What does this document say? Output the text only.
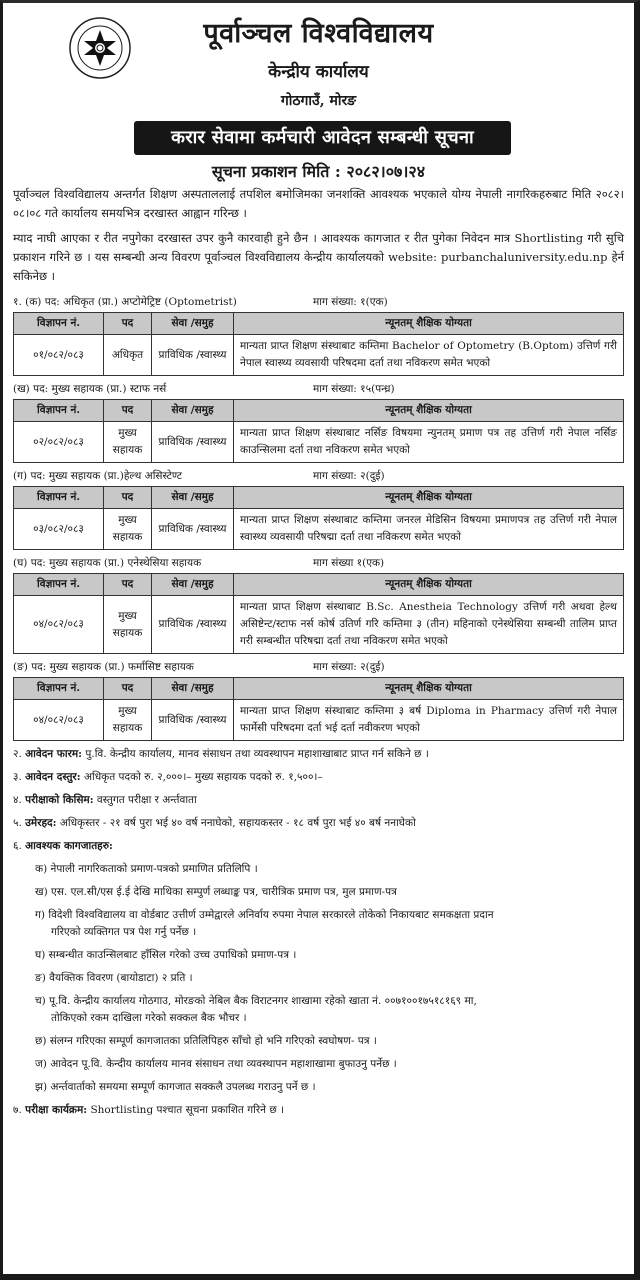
पूर्वाञ्चल विश्वविद्यालय
केन्द्रीय कार्यालय
गोठगाउँ, मोरङ
करार सेवामा कर्मचारी आवेदन सम्बन्धी सूचना
सूचना प्रकाशन मिति : २०८२।०७।२४

पूर्वाञ्चल विश्वविद्यालय अन्तर्गत शिक्षण अस्पताललाई तपशिल बमोजिमका जनशक्ति आवश्यक भएकाले योग्य नेपाली नागरिकहरुबाट मिति २०८२।०८।०८ गते कार्यालय समयभित्र दरखास्त आह्वान गरिन्छ ।

म्याद नाघी आएका र रीत नपुगेका दरखास्त उपर कुनै कारवाही हुने छैन । आवश्यक कागजात र रीत पुगेका निवेदन मात्र Shortlisting गरी सुचि प्रकाशन गरिने छ । यस सम्बन्धी अन्य विवरण पूर्वाञ्चल विश्वविद्यालय केन्द्रीय कार्यालयको website: purbanchaluniversity.edu.np हेर्न सकिनेछ ।

१. (क) पद: अधिकृत (प्रा.) अप्टोमेट्रिष्ट (Optometrist)	माग संख्या: १(एक)
विज्ञापन नं.	पद	सेवा /समुह	न्यूनतम् शैक्षिक योग्यता
०१/०८२/०८३	अधिकृत	प्राविधिक /स्वास्थ्य	मान्यता प्राप्त शिक्षण संस्थाबाट कम्तिमा Bachelor of Optometry (B.Optom) उत्तिर्ण गरी नेपाल स्वास्थ्य व्यवसायी परिषदमा दर्ता तथा नविकरण समेत भएको
(ख) पद: मुख्य सहायक (प्रा.) स्टाफ नर्स	माग संख्या: १५(पन्ध्र)
विज्ञापन नं.	पद	सेवा /समुह	न्यूनतम् शैक्षिक योग्यता
०२/०८२/०८३	मुख्य सहायक	प्राविधिक /स्वास्थ्य	मान्यता प्राप्त शिक्षण संस्थाबाट नर्सिङ विषयमा न्युनतम् प्रमाण पत्र तह उत्तिर्ण गरी नेपाल नर्सिङ काउन्सिलमा दर्ता तथा नविकरण समेत भएको
(ग) पद: मुख्य सहायक (प्रा.)हेल्थ असिस्टेण्ट	माग संख्या: २(दुई)
विज्ञापन नं.	पद	सेवा /समुह	न्यूनतम् शैक्षिक योग्यता
०३/०८२/०८३	मुख्य सहायक	प्राविधिक /स्वास्थ्य	मान्यता प्राप्त शिक्षण संस्थाबाट कम्तिमा जनरल मेडिसिन विषयमा प्रमाणपत्र तह उत्तिर्ण गरी नेपाल स्वास्थ्य व्यवसायी परिषद्मा दर्ता तथा नविकरण समेत भएको
(घ) पद: मुख्य सहायक (प्रा.) एनेस्थेसिया सहायक	माग संख्या १(एक)
विज्ञापन नं.	पद	सेवा /समुह	न्यूनतम् शैक्षिक योग्यता
०४/०८२/०८३	मुख्य सहायक	प्राविधिक /स्वास्थ्य	मान्यता प्राप्त शिक्षण संस्थाबाट B.Sc. Anestheia Technology उत्तिर्ण गरी अथवा हेल्थ असिष्टेन्ट/स्टाफ नर्स कोर्ष उतिर्ण गरि कम्तिमा ३ (तीन) महिनाको एनेस्थेसिया सम्बन्धी तालिम प्राप्त गरी सम्बन्धीत परिषद्मा दर्ता तथा नविकरण समेत भएको
(ङ) पद: मुख्य सहायक (प्रा.) फर्मासिष्ट सहायक	माग संख्या: २(दुई)
विज्ञापन नं.	पद	सेवा /समुह	न्यूनतम् शैक्षिक योग्यता
०४/०८२/०८३	मुख्य सहायक	प्राविधिक /स्वास्थ्य	मान्यता प्राप्त शिक्षण संस्थाबाट कम्तिमा ३ बर्ष Diploma in Pharmacy उत्तिर्ण गरी नेपाल फार्मेसी परिषदमा दर्ता भई दर्ता नवीकरण भएको
२. आवेदन फारम: पु.वि. केन्द्रीय कार्यालय, मानव संसाधन तथा व्यवस्थापन महाशाखाबाट प्राप्त गर्न सकिने छ ।
३. आवेदन दस्तुर: अधिकृत पदको रु. २,०००।– मुख्य सहायक पदको रु. १,५००।–
४. परीक्षाको किसिम: वस्तुगत परीक्षा र अर्न्तवाता
५. उमेरहद: अधिकृस्तर - २१ वर्ष पुरा भई ४० वर्ष ननाघेको, सहायकस्तर - १८ वर्ष पुरा भई ४० बर्ष ननाघेको
६. आवश्यक कागजातहरु:
क) नेपाली नागरिकताको प्रमाण-पत्रको प्रमाणित प्रतिलिपि ।
ख) एस. एल.सी/एस ई.ई देखि माथिका सम्पुर्ण लब्धाङ्क पत्र, चारीत्रिक प्रमाण पत्र, मुल प्रमाण-पत्र
ग) विदेशी विश्वविद्यालय वा वोर्डबाट उत्तीर्ण उम्मेद्वारले अनिर्वाय रुपमा नेपाल सरकारले तोकेको निकायबाट समकक्षता प्रदान
गरिएको व्यक्तिगत पत्र पेश गर्नु पर्नेछ ।
घ) सम्बन्धीत काउन्सिलबाट हाँसिल गरेको उच्च उपाधिको प्रमाण-पत्र ।
ङ) वैयक्तिक विवरण (बायोडाटा) २ प्रति ।
च) पू.वि. केन्द्रीय कार्यालय गोठगाउ, मोरङको नेबिल बैक विराटनगर शाखामा रहेको खाता नं. ००७१००१७५१८१६९ मा,
तोकिएको रकम दाखिला गरेको सक्कल बैक भौचर ।
छ) संलग्न गरिएका सम्पूर्ण कागजातका प्रतिलिपिहरु साँचो हो भनि गरिएको स्वघोषण- पत्र ।
ज) आवेदन पू.वि. केन्दीय कार्यालय मानव संसाधन तथा व्यवस्थापन महाशाखामा बुफाउनु पर्नेछ ।
झ) अर्न्तवार्ताको समयमा सम्पूर्ण कागजात सक्कलै उपलब्ध गराउनु पर्ने छ ।
७. परीक्षा कार्यक्रम: Shortlisting पश्चात सूचना प्रकाशित गरिने छ ।
